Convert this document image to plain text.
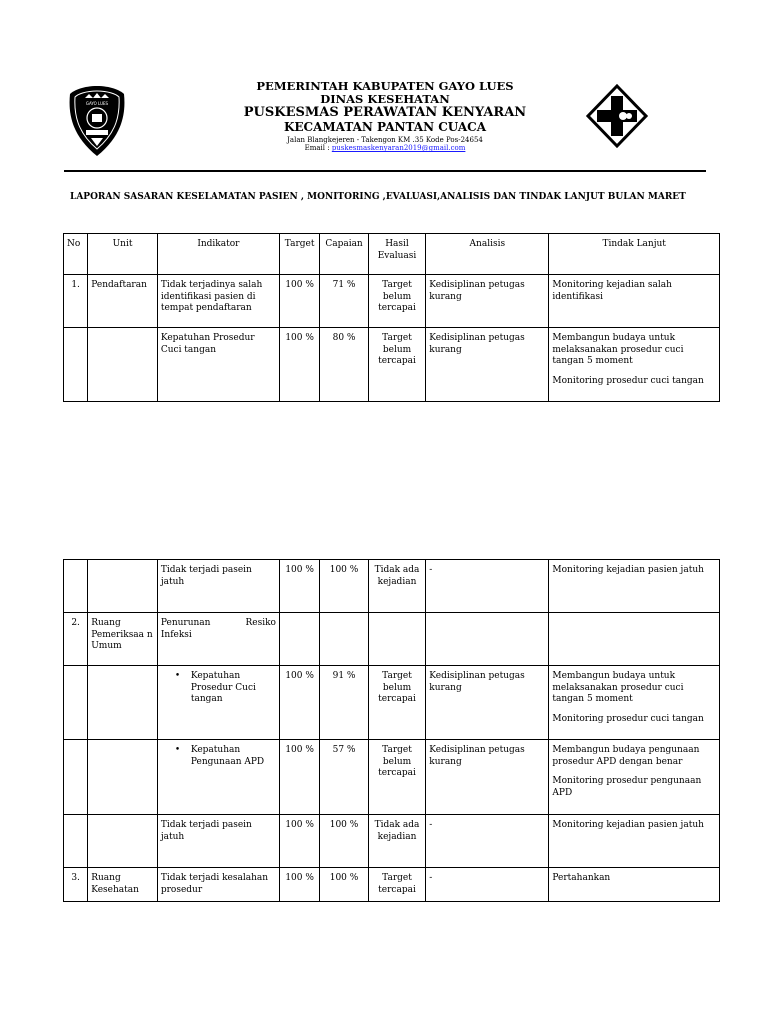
GAYO LUES
PEMERINTAH KABUPATEN GAYO LUES
DINAS KESEHATAN
PUSKESMAS PERAWATAN KENYARAN
KECAMATAN PANTAN CUACA
Jalan Blangkejeren - Takengon KM .35 Kode Pos-24654
Email : puskesmaskenyaran2019@gmail.com
LAPORAN SASARAN KESELAMATAN PASIEN , MONITORING ,EVALUASI,ANALISIS DAN TINDAK LANJUT BULAN MARET
No	Unit	Indikator	Target	Capaian	Hasil Evaluasi	Analisis	Tindak Lanjut
1.	Pendaftaran	Tidak terjadinya salah identifikasi pasien di tempat pendaftaran	100 %	71 %	Target belum tercapai	Kedisiplinan petugas kurang	Monitoring kejadian salah identifikasi

		Kepatuhan Prosedur Cuci tangan	100 %	80 %	Target belum tercapai	Kedisiplinan petugas kurang	Membangun budaya untuk melaksanakan prosedur cuci tangan 5 moment

Monitoring prosedur cuci tangan

		Tidak terjadi pasein jatuh	100 %	100 %	Tidak ada kejadian	-	Monitoring kejadian pasien jatuh

2.	Ruang Pemeriksaa n Umum	Penurunan Resiko
Infeksi					

		• Kepatuhan Prosedur Cuci tangan	100 %	91 %	Target belum tercapai	Kedisiplinan petugas kurang	Membangun budaya untuk melaksanakan prosedur cuci tangan 5 moment

Monitoring prosedur cuci tangan

		• Kepatuhan Pengunaan APD	100 %	57 %	Target belum tercapai	Kedisiplinan petugas kurang	Membangun budaya pengunaan prosedur APD dengan benar

Monitoring prosedur pengunaan APD

		Tidak terjadi pasein jatuh	100 %	100 %	Tidak ada kejadian	-	Monitoring kejadian pasien jatuh

3.	Ruang Kesehatan	Tidak terjadi kesalahan prosedur	100 %	100 %	Target tercapai	-	Pertahankan
